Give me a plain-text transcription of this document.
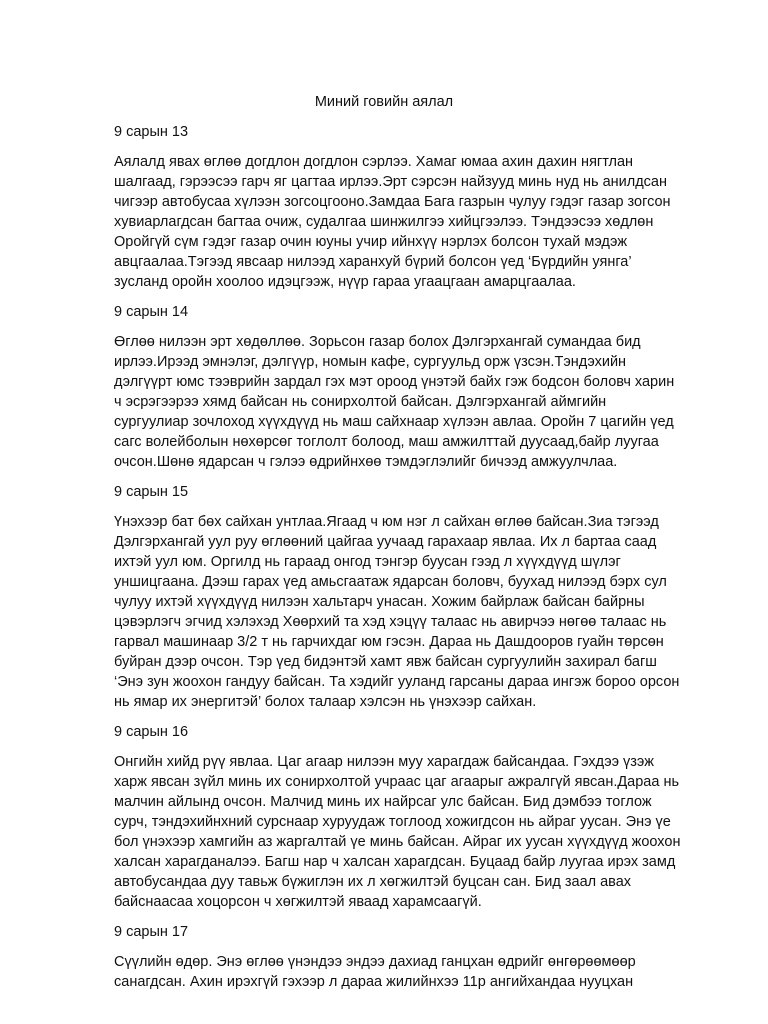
Миний говийн аялал
9 сарын 13
Аялалд явах өглөө догдлон догдлон сэрлээ. Хамаг юмаа ахин дахин нягтлан
шалгаад, гэрээсээ гарч яг цагтаа ирлээ.Эрт сэрсэн найзууд минь нуд нь анилдсан
чигээр автобусаа хүлээн зогсоцгооно.Замдаа Бага газрын чулуу гэдэг газар зогсон
хувиарлагдсан багтаа очиж, судалгаа шинжилгээ хийцгээлээ. Тэндээсээ хөдлөн
Оройгүй сүм гэдэг газар очин юуны учир ийнхүү нэрлэх болсон тухай мэдэж
авцгаалаа.Тэгээд явсаар нилээд харанхуй бүрий болсон үед ‘Бүрдийн уянга’
зусланд оройн хоолоо идэцгээж, нүүр гараа угаацгаан амарцгаалаа.
9 сарын 14
Өглөө нилээн эрт хөдөллөө. Зорьсон газар болох Дэлгэрхангай сумандаа бид
ирлээ.Ирээд эмнэлэг, дэлгүүр, номын кафе, сургуульд орж үзсэн.Тэндэхийн
дэлгүүрт юмс тээврийн зардал гэх мэт ороод үнэтэй байх гэж бодсон боловч харин
ч эсрэгээрээ хямд байсан нь сонирхолтой байсан. Дэлгэрхангай аймгийн
сургуулиар зочлоход хүүхдүүд нь маш сайхнаар хүлээн авлаа. Оройн 7 цагийн үед
сагс волейболын нөхөрсөг тоглолт болоод, маш амжилттай дуусаад,байр луугаа
очсон.Шөнө ядарсан ч гэлээ өдрийнхөө тэмдэглэлийг бичээд амжуулчлаа.
9 сарын 15
Үнэхээр бат бөх сайхан унтлаа.Ягаад ч юм нэг л сайхан өглөө байсан.Зиа тэгээд
Дэлгэрхангай уул руу өглөөний цайгаа уучаад гарахаар явлаа. Их л бартаа саад
ихтэй уул юм. Оргилд нь гараад онгод тэнгэр буусан гээд л хүүхдүүд шүлэг
уншицгаана. Дээш гарах үед амьсгаатаж ядарсан боловч, буухад нилээд бэрх сул
чулуу ихтэй хүүхдүүд нилээн хальтарч унасан. Хожим байрлаж байсан байрны
цэвэрлэгч эгчид хэлэхэд Хөөрхий та хэд хэцүү талаас нь авирчээ нөгөө талаас нь
гарвал машинаар 3/2 т нь гарчихдаг юм гэсэн. Дараа нь Дашдооров гуайн төрсөн
буйран дээр очсон. Тэр үед бидэнтэй хамт явж байсан сургуулийн захирал багш
‘Энэ зун жоохон гандуу байсан. Та хэдийг ууланд гарсаны дараа ингэж бороо орсон
нь ямар их энергитэй’ болох талаар хэлсэн нь үнэхээр сайхан.
9 сарын 16
Онгийн хийд рүү явлаа. Цаг агаар нилээн муу харагдаж байсандаа. Гэхдээ үзэж
харж явсан зүйл минь их сонирхолтой учраас цаг агаарыг ажралгүй явсан.Дараа нь
малчин айлынд очсон. Малчид минь их найрсаг улс байсан. Бид дэмбээ тоглож
сурч, тэндэхийнхний сурснаар хуруудаж тоглоод хожигдсон нь айраг уусан. Энэ үе
бол үнэхээр хамгийн аз жаргалтай үе минь байсан. Айраг их уусан хүүхдүүд жоохон
халсан харагданалээ. Багш нар ч халсан харагдсан. Буцаад байр луугаа ирэх замд
автобусандаа дуу тавьж бүжиглэн их л хөгжилтэй буцсан сан. Бид заал авах
байснаасаа хоцорсон ч хөгжилтэй яваад харамсаагүй.
9 сарын 17
Сүүлийн өдөр. Энэ өглөө үнэндээ эндээ дахиад ганцхан өдрийг өнгөрөөмөөр
санагдсан. Ахин ирэхгүй гэхээр л дараа жилийнхээ 11р ангийхандаа нууцхан
